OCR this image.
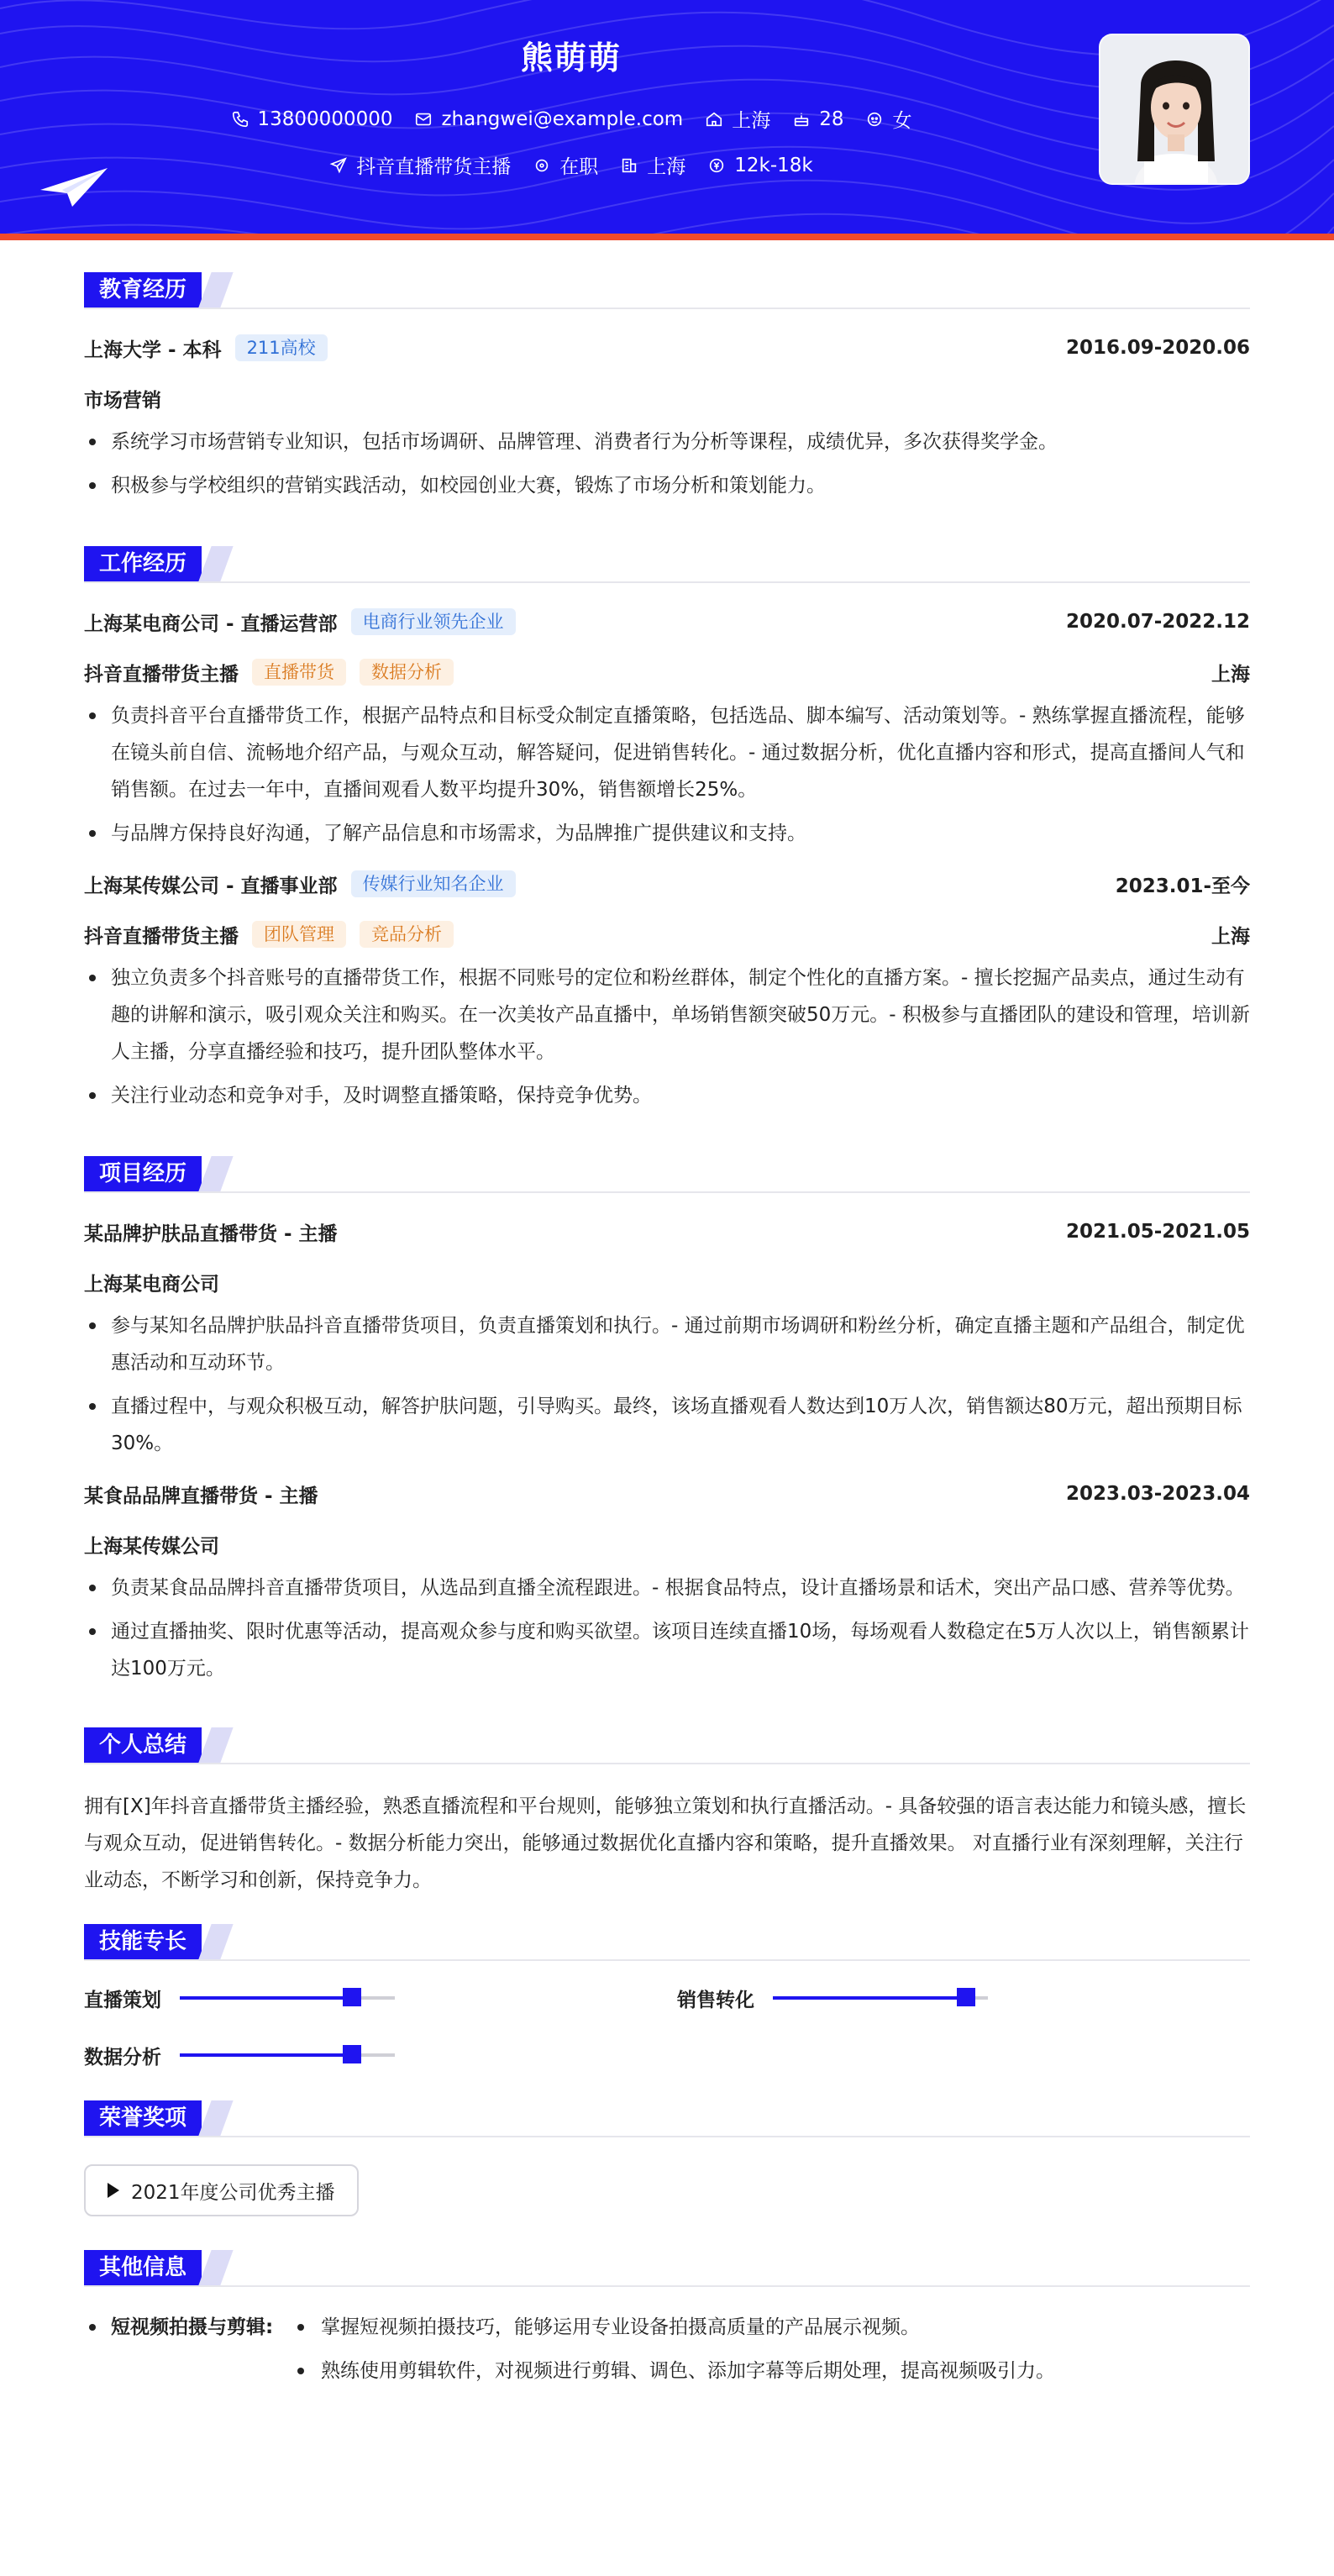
熊萌萌
13800000000	zhangwei@example.com	上海	28	女
抖音直播带货主播	在职	上海	12k-18k
教育经历
上海大学 - 本科	211高校	2016.09-2020.06
市场营销
系统学习市场营销专业知识，包括市场调研、品牌管理、消费者行为分析等课程，成绩优异，多次获得奖学金。
积极参与学校组织的营销实践活动，如校园创业大赛，锻炼了市场分析和策划能力。
工作经历
上海某电商公司 - 直播运营部	电商行业领先企业	2020.07-2022.12
抖音直播带货主播	直播带货	数据分析	上海
负责抖音平台直播带货工作，根据产品特点和目标受众制定直播策略，包括选品、脚本编写、活动策划等。- 熟练掌握直播流程，能够在镜头前自信、流畅地介绍产品，与观众互动，解答疑问，促进销售转化。- 通过数据分析，优化直播内容和形式，提高直播间人气和销售额。在过去一年中，直播间观看人数平均提升30%，销售额增长25%。
与品牌方保持良好沟通，了解产品信息和市场需求，为品牌推广提供建议和支持。
上海某传媒公司 - 直播事业部	传媒行业知名企业	2023.01-至今
抖音直播带货主播	团队管理	竞品分析	上海
独立负责多个抖音账号的直播带货工作，根据不同账号的定位和粉丝群体，制定个性化的直播方案。- 擅长挖掘产品卖点，通过生动有趣的讲解和演示，吸引观众关注和购买。在一次美妆产品直播中，单场销售额突破50万元。- 积极参与直播团队的建设和管理，培训新人主播，分享直播经验和技巧，提升团队整体水平。
关注行业动态和竞争对手，及时调整直播策略，保持竞争优势。
项目经历
某品牌护肤品直播带货 - 主播	2021.05-2021.05
上海某电商公司
参与某知名品牌护肤品抖音直播带货项目，负责直播策划和执行。- 通过前期市场调研和粉丝分析，确定直播主题和产品组合，制定优惠活动和互动环节。
直播过程中，与观众积极互动，解答护肤问题，引导购买。最终，该场直播观看人数达到10万人次，销售额达80万元，超出预期目标30%。
某食品品牌直播带货 - 主播	2023.03-2023.04
上海某传媒公司
负责某食品品牌抖音直播带货项目，从选品到直播全流程跟进。- 根据食品特点，设计直播场景和话术，突出产品口感、营养等优势。
通过直播抽奖、限时优惠等活动，提高观众参与度和购买欲望。该项目连续直播10场，每场观看人数稳定在5万人次以上，销售额累计达100万元。
个人总结

拥有[X]年抖音直播带货主播经验，熟悉直播流程和平台规则，能够独立策划和执行直播活动。- 具备较强的语言表达能力和镜头感，擅长与观众互动，促进销售转化。- 数据分析能力突出，能够通过数据优化直播内容和策略，提升直播效果。 对直播行业有深刻理解，关注行业动态，不断学习和创新，保持竞争力。

技能专长
直播策划	销售转化
数据分析
荣誉奖项
2021年度公司优秀主播
其他信息
短视频拍摄与剪辑:	掌握短视频拍摄技巧，能够运用专业设备拍摄高质量的产品展示视频。
熟练使用剪辑软件，对视频进行剪辑、调色、添加字幕等后期处理，提高视频吸引力。
